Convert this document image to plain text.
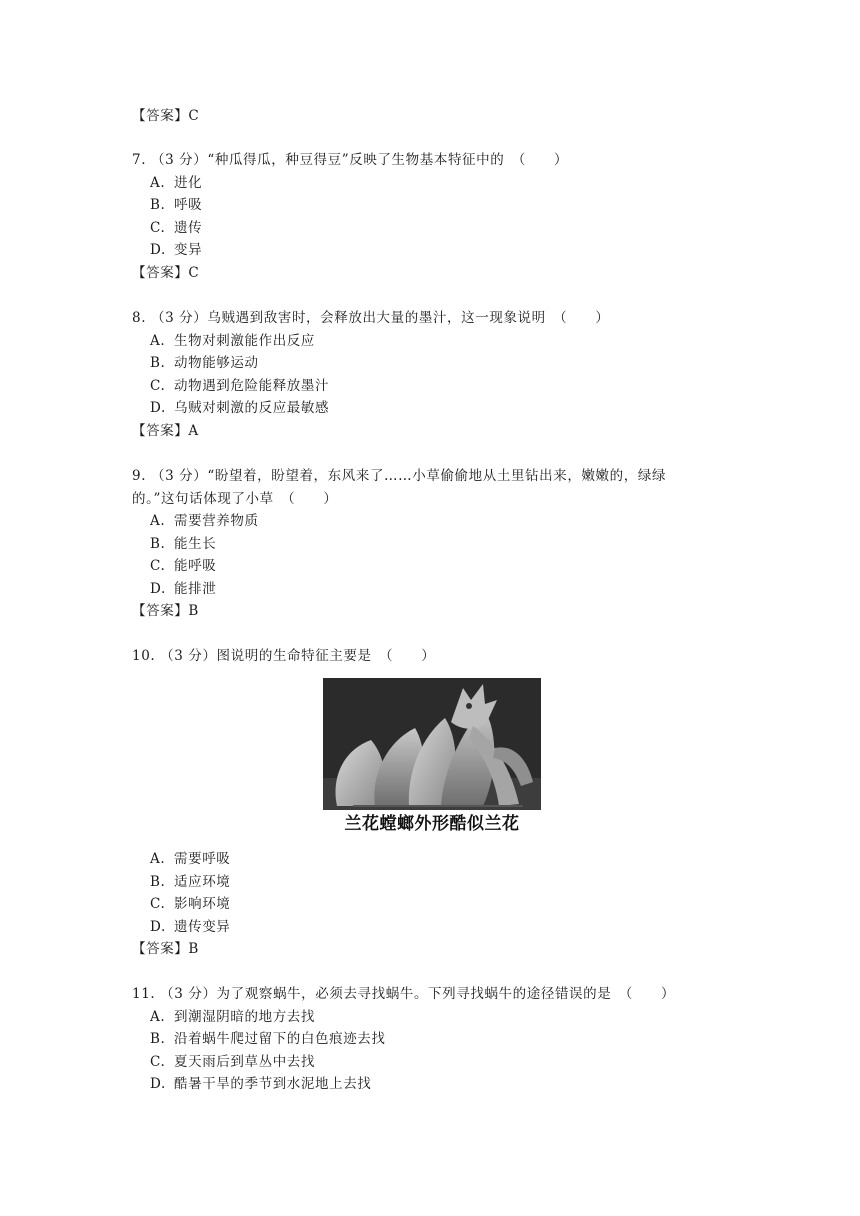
【答案】C
7. （3 分）“种瓜得瓜，种豆得豆”反映了生物基本特征中的　（　　）
A. 进化
B. 呼吸
C. 遗传
D. 变异
【答案】C
8. （3 分）乌贼遇到敌害时，会释放出大量的墨汁，这一现象说明　（　　）
A. 生物对刺激能作出反应
B. 动物能够运动
C. 动物遇到危险能释放墨汁
D. 乌贼对刺激的反应最敏感
【答案】A
9. （3 分）“盼望着，盼望着，东风来了……小草偷偷地从土里钻出来，嫩嫩的，绿绿
的。”这句话体现了小草　（　　）
A. 需要营养物质
B. 能生长
C. 能呼吸
D. 能排泄
【答案】B
10. （3 分）图说明的生命特征主要是　（　　）
兰花螳螂外形酷似兰花
A. 需要呼吸
B. 适应环境
C. 影响环境
D. 遗传变异
【答案】B
11. （3 分）为了观察蜗牛，必须去寻找蜗牛。下列寻找蜗牛的途径错误的是　（　　）
A. 到潮湿阴暗的地方去找
B. 沿着蜗牛爬过留下的白色痕迹去找
C. 夏天雨后到草丛中去找
D. 酷暑干旱的季节到水泥地上去找
